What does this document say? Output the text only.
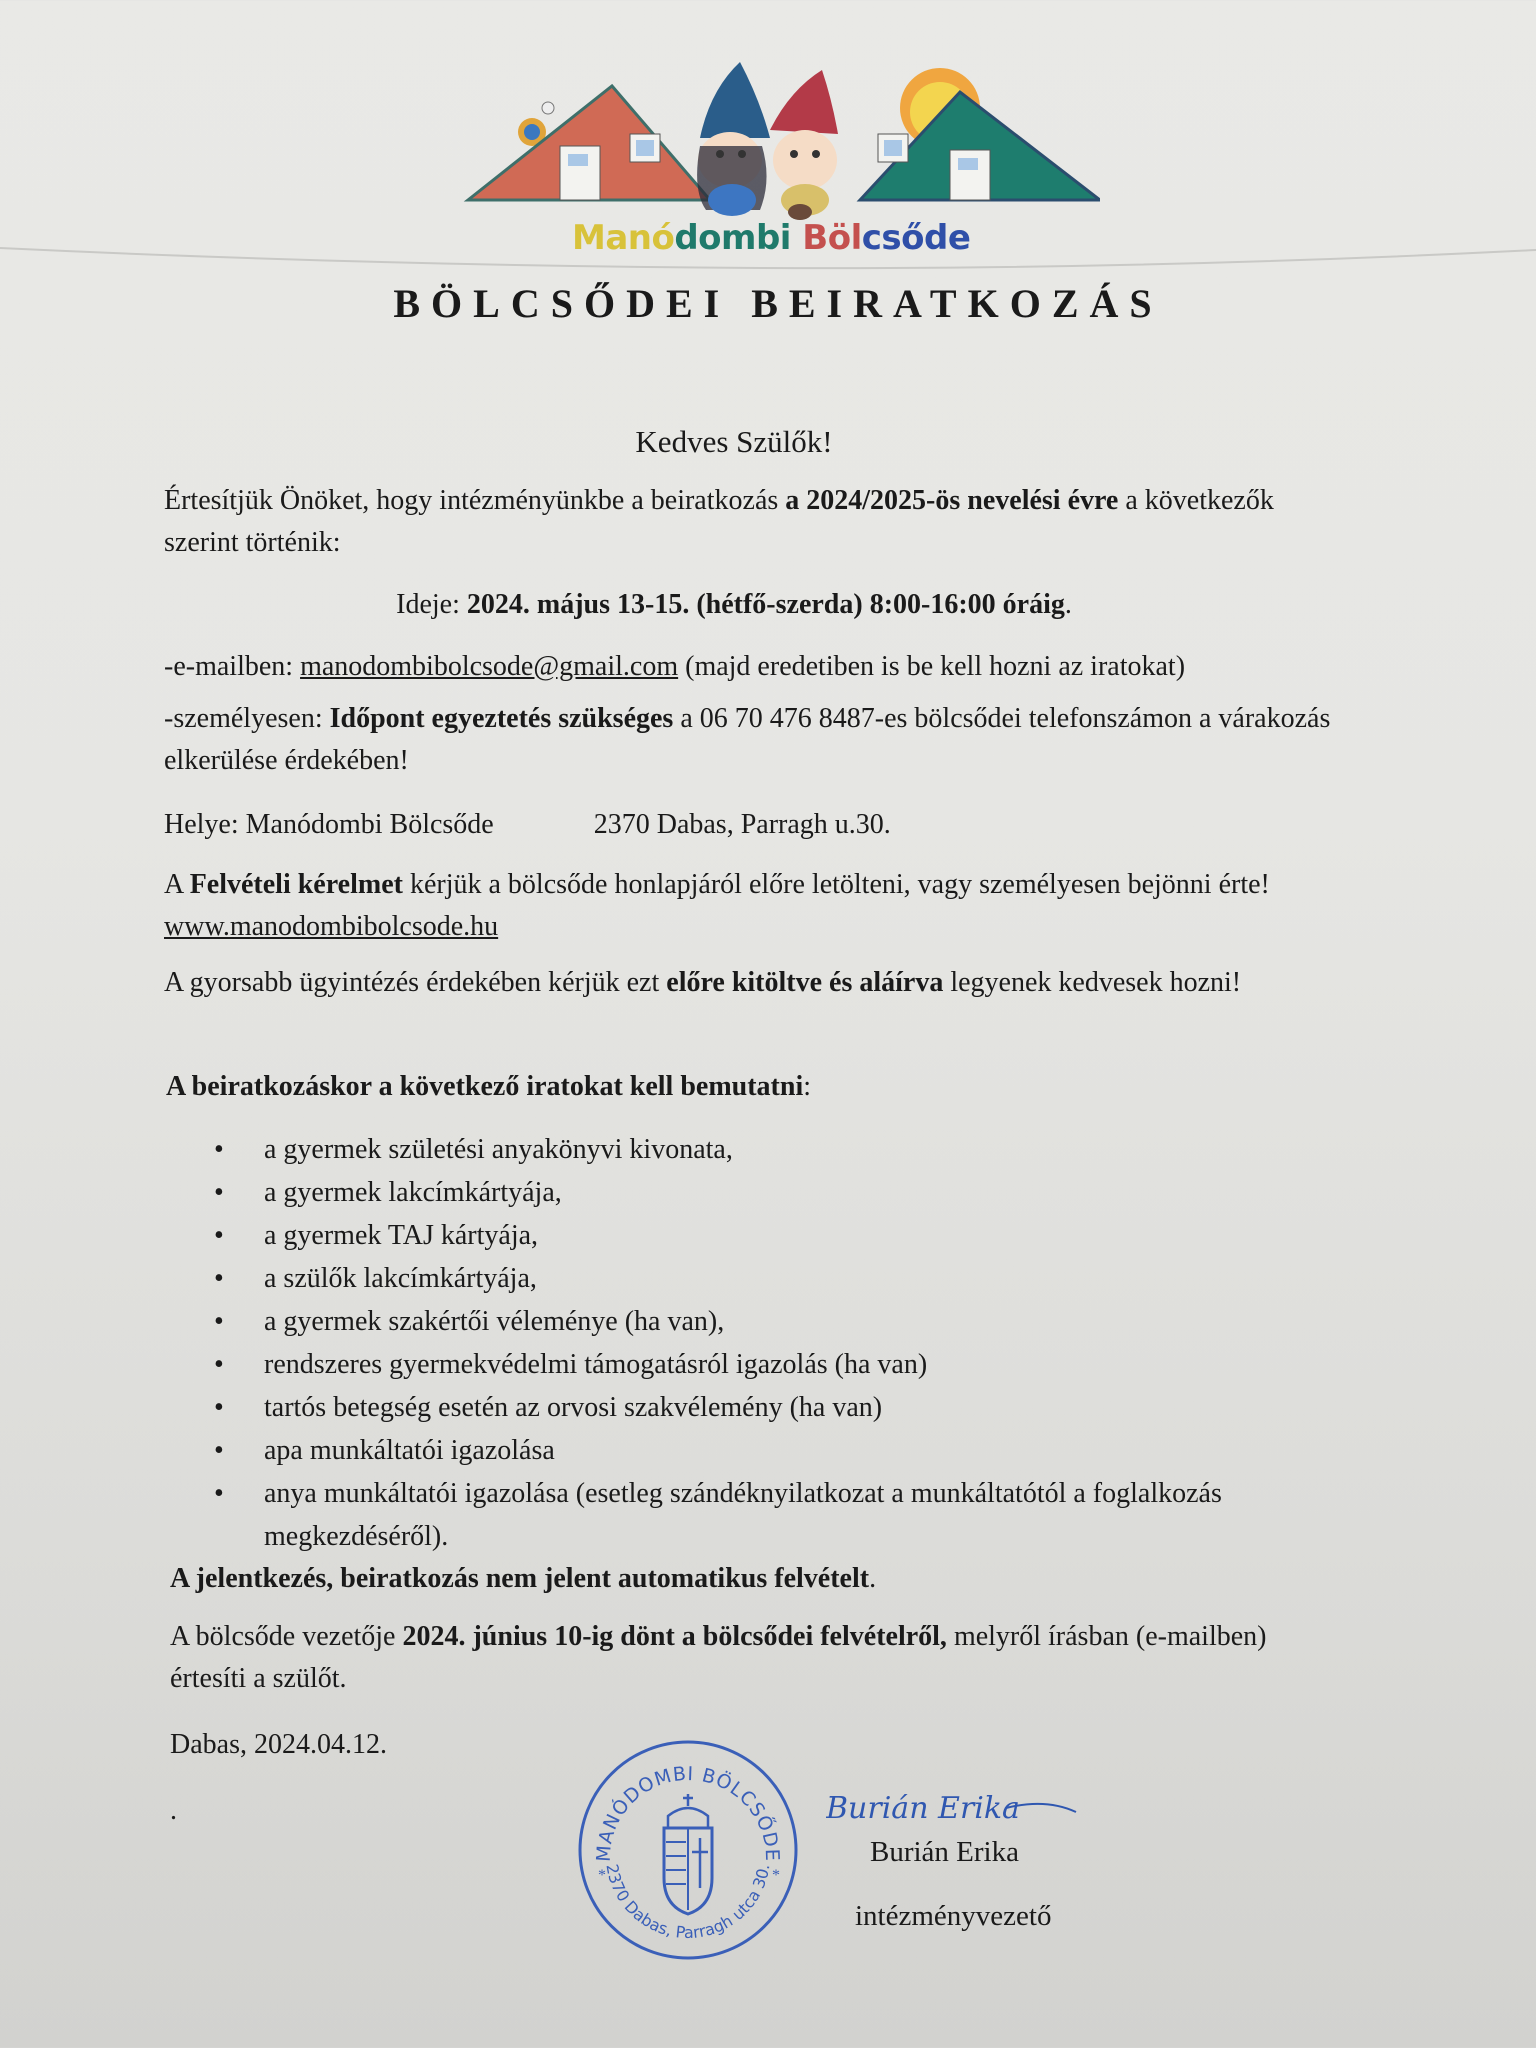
Manódombi Bölcsőde
BÖLCSŐDEI BEIRATKOZÁS
Kedves Szülők!
Értesítjük Önöket, hogy intézményünkbe a beiratkozás a 2024/2025-ös nevelési évre a következők szerint történik:
Ideje: 2024. május 13-15. (hétfő-szerda) 8:00-16:00 óráig.
-e-mailben: manodombibolcsode@gmail.com (majd eredetiben is be kell hozni az iratokat)
-személyesen: Időpont egyeztetés szükséges a 06 70 476 8487-es bölcsődei telefonszámon a várakozás elkerülése érdekében!
Helye: Manódombi Bölcsőde	2370 Dabas, Parragh u.30.
A Felvételi kérelmet kérjük a bölcsőde honlapjáról előre letölteni, vagy személyesen bejönni érte! www.manodombibolcsode.hu
A gyorsabb ügyintézés érdekében kérjük ezt előre kitöltve és aláírva legyenek kedvesek hozni!
A beiratkozáskor a következő iratokat kell bemutatni:
• a gyermek születési anyakönyvi kivonata,
• a gyermek lakcímkártyája,
• a gyermek TAJ kártyája,
• a szülők lakcímkártyája,
• a gyermek szakértői véleménye (ha van),
• rendszeres gyermekvédelmi támogatásról igazolás (ha van)
• tartós betegség esetén az orvosi szakvélemény (ha van)
• apa munkáltatói igazolása
• anya munkáltatói igazolása (esetleg szándéknyilatkozat a munkáltatótól a foglalkozás megkezdéséről).
A jelentkezés, beiratkozás nem jelent automatikus felvételt.
A bölcsőde vezetője 2024. június 10-ig dönt a bölcsődei felvételről, melyről írásban (e-mailben) értesíti a szülőt.
Dabas, 2024.04.12.
.
MANÓDOMBI BÖLCSŐDE
2370 Dabas, Parragh utca 30.
*	*
Burián Erika
Burián Erika
intézményvezető
